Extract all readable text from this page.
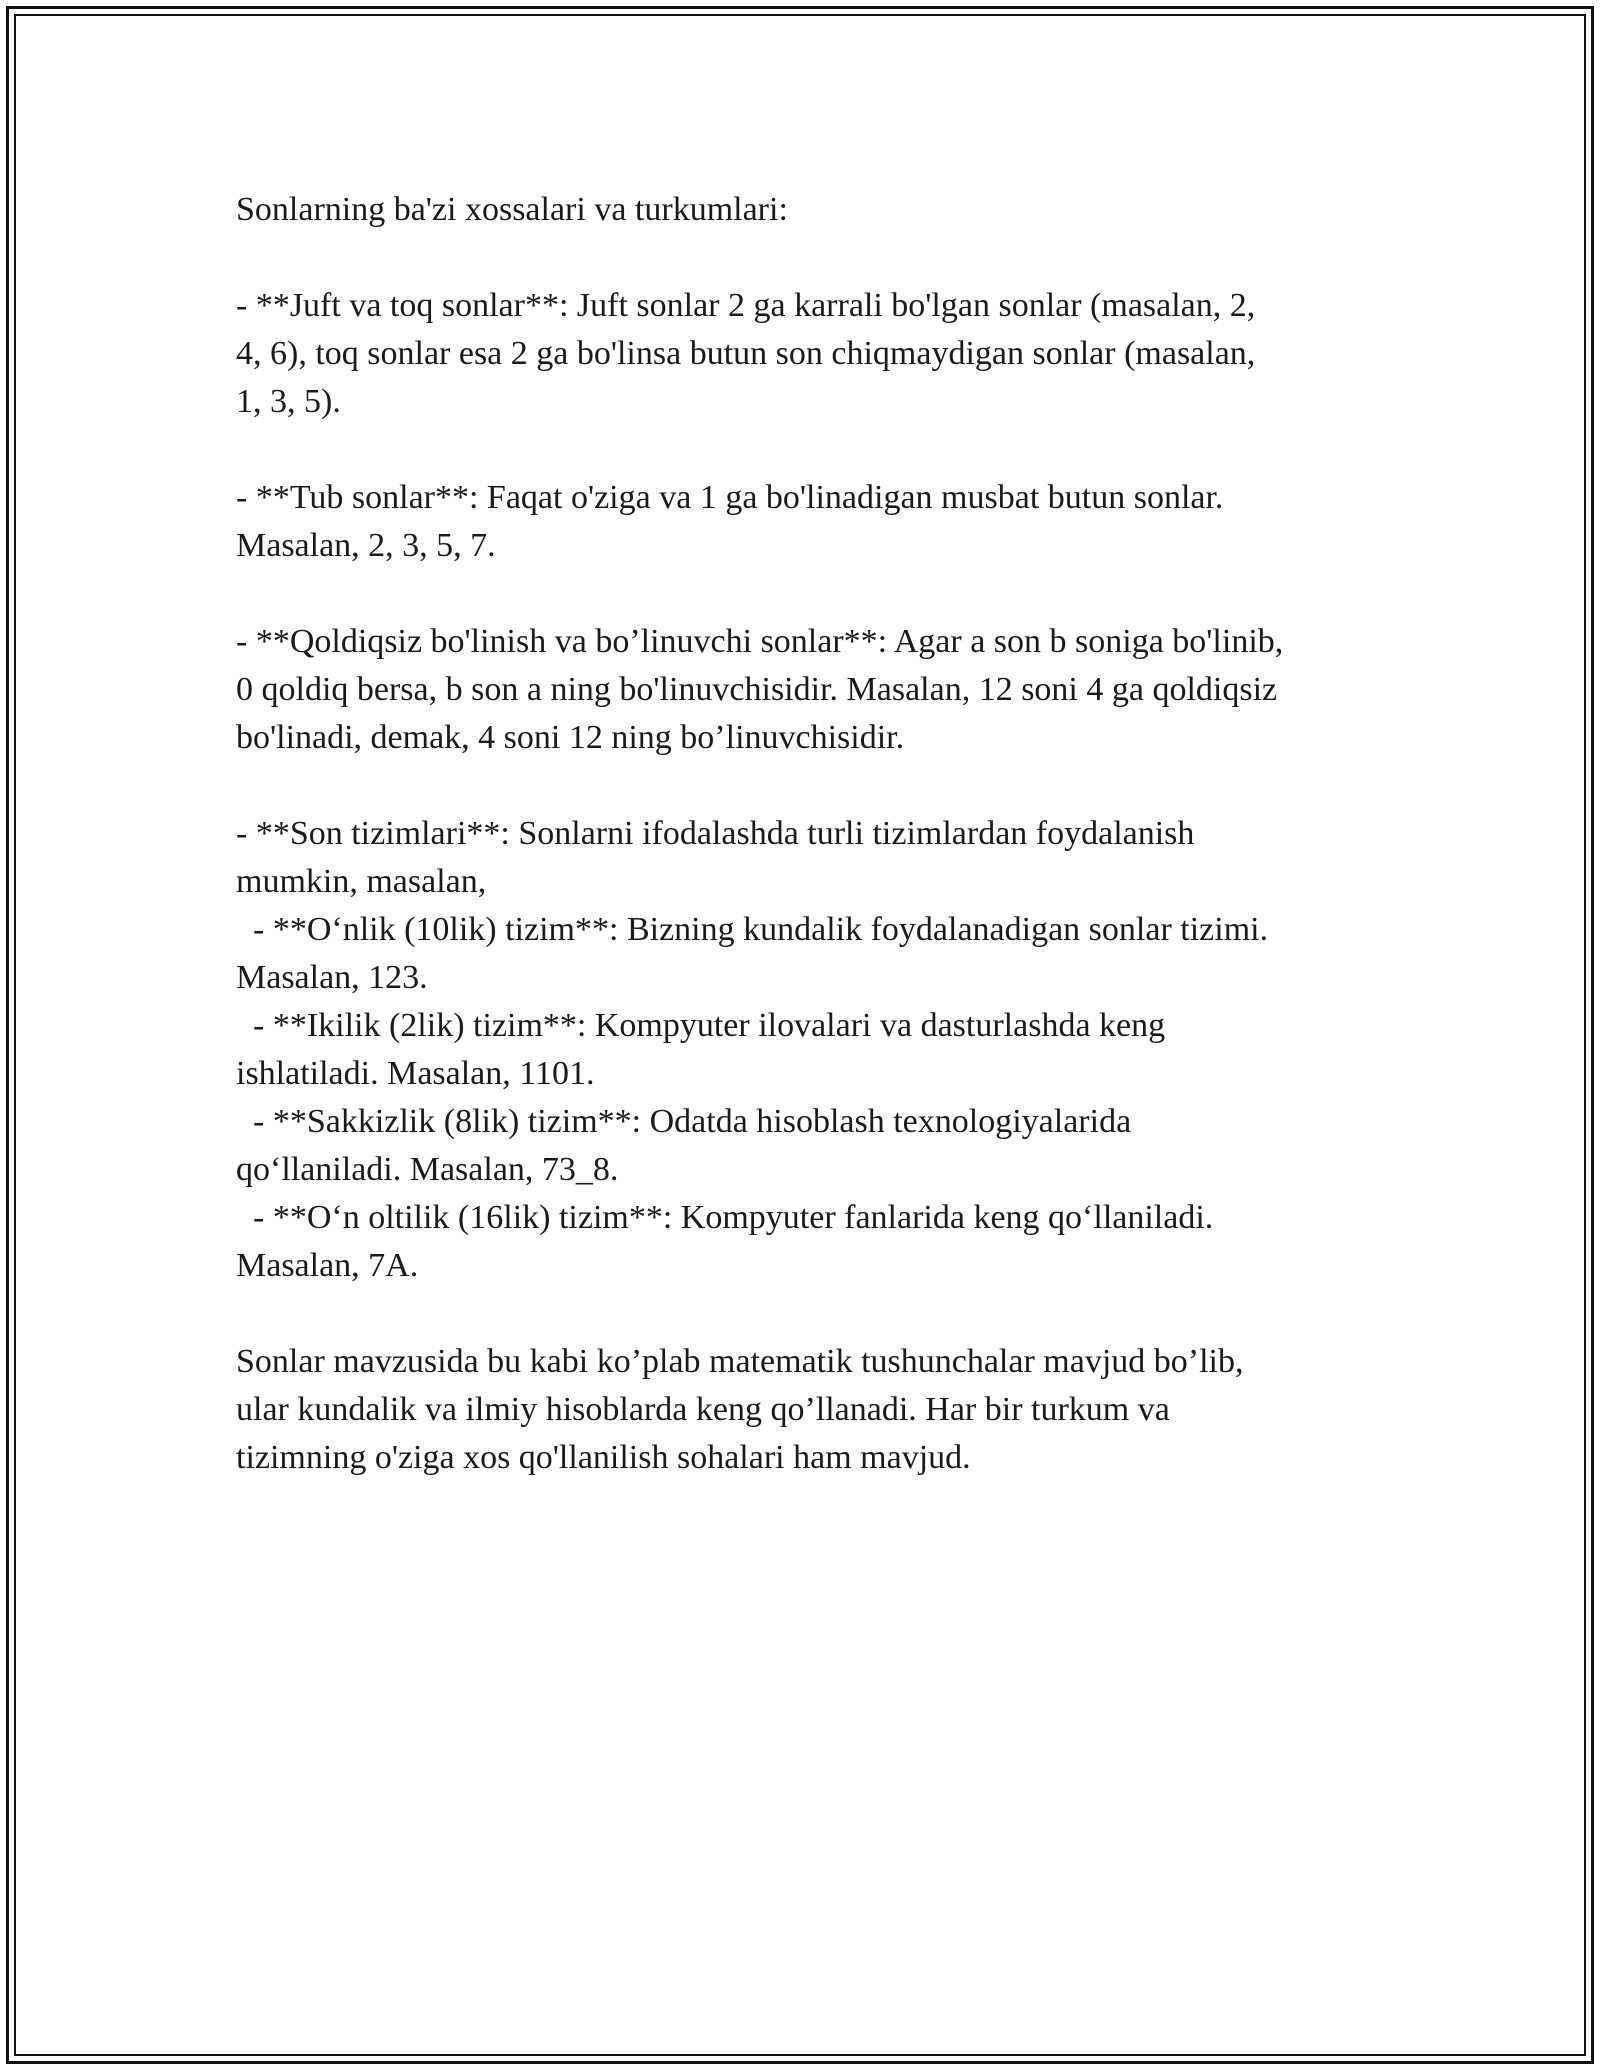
Sonlarning ba'zi xossalari va turkumlari:

- **Juft va toq sonlar**: Juft sonlar 2 ga karrali bo'lgan sonlar (masalan, 2,

4, 6), toq sonlar esa 2 ga bo'linsa butun son chiqmaydigan sonlar (masalan,

1, 3, 5).

- **Tub sonlar**: Faqat o'ziga va 1 ga bo'linadigan musbat butun sonlar.

Masalan, 2, 3, 5, 7.

- **Qoldiqsiz bo'linish va bo’linuvchi sonlar**: Agar a son b soniga bo'linib,

0 qoldiq bersa, b son a ning bo'linuvchisidir. Masalan, 12 soni 4 ga qoldiqsiz

bo'linadi, demak, 4 soni 12 ning bo’linuvchisidir.

- **Son tizimlari**: Sonlarni ifodalashda turli tizimlardan foydalanish

mumkin, masalan,

- **O‘nlik (10lik) tizim**: Bizning kundalik foydalanadigan sonlar tizimi.

Masalan, 123.

- **Ikilik (2lik) tizim**: Kompyuter ilovalari va dasturlashda keng

ishlatiladi. Masalan, 1101.

- **Sakkizlik (8lik) tizim**: Odatda hisoblash texnologiyalarida

qo‘llaniladi. Masalan, 73_8.

- **O‘n oltilik (16lik) tizim**: Kompyuter fanlarida keng qo‘llaniladi.

Masalan, 7A.

Sonlar mavzusida bu kabi ko’plab matematik tushunchalar mavjud bo’lib,

ular kundalik va ilmiy hisoblarda keng qo’llanadi. Har bir turkum va

tizimning o'ziga xos qo'llanilish sohalari ham mavjud.
